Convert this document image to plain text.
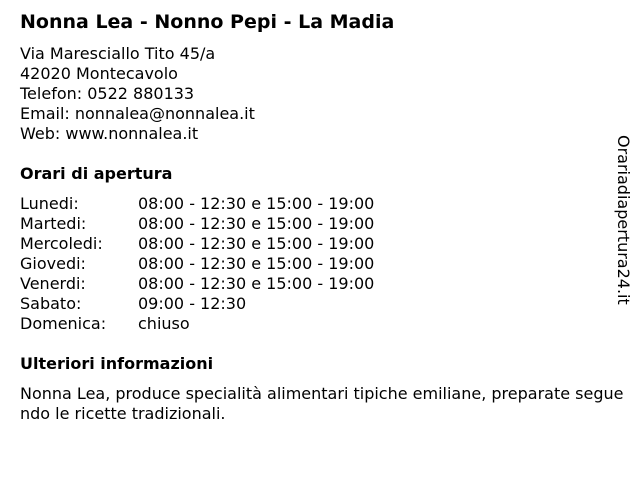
Nonna Lea - Nonno Pepi - La Madia
Via Maresciallo Tito 45/a
42020 Montecavolo
Telefon: 0522 880133
Email: nonnalea@nonnalea.it
Web: www.nonnalea.it
Orari di apertura
Lunedi:	08:00 - 12:30 e 15:00 - 19:00
Martedi:	08:00 - 12:30 e 15:00 - 19:00
Mercoledi: 08:00 - 12:30 e 15:00 - 19:00
Giovedi:	08:00 - 12:30 e 15:00 - 19:00
Venerdi:	08:00 - 12:30 e 15:00 - 19:00
Sabato:	09:00 - 12:30
Domenica: chiuso
Ulteriori informazioni
Nonna Lea, produce specialità alimentari tipiche emiliane, preparate seguendo le ricette tradizionali.
Orariadiapertura24.it
